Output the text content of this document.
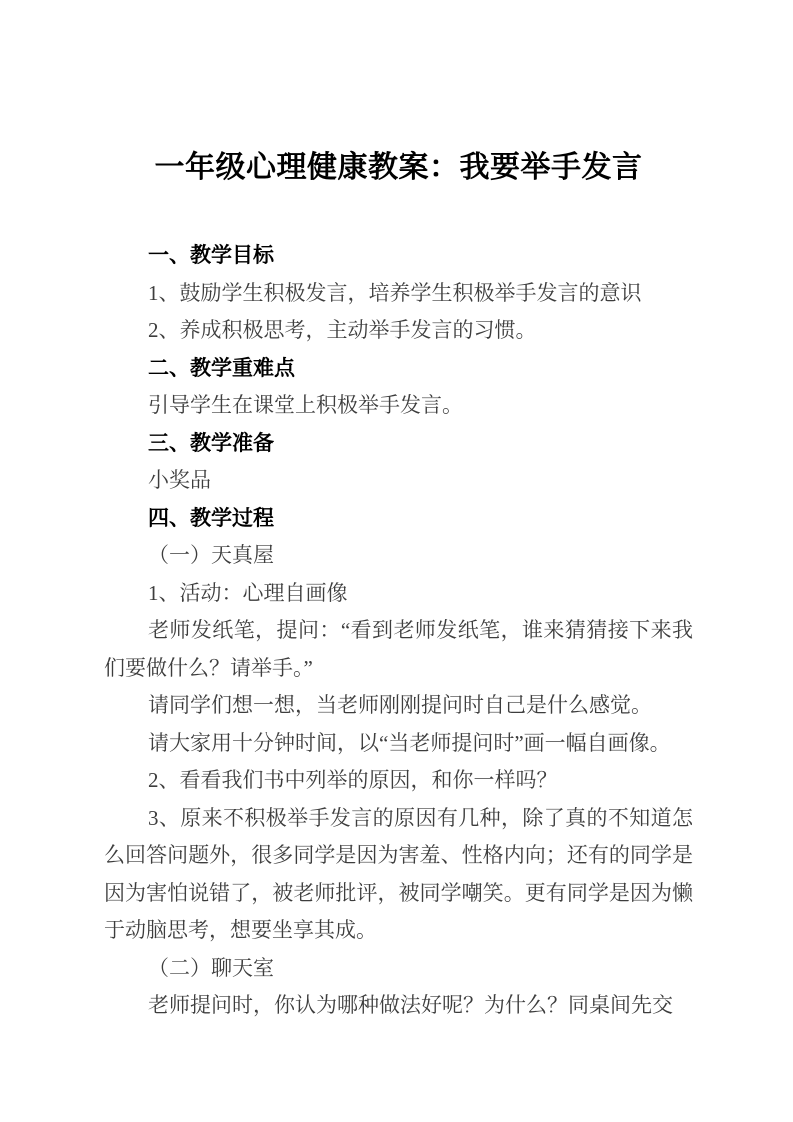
一年级心理健康教案：我要举手发言

一、教学目标

1、鼓励学生积极发言，培养学生积极举手发言的意识

2、养成积极思考，主动举手发言的习惯。

二、教学重难点

引导学生在课堂上积极举手发言。

三、教学准备

小奖品

四、教学过程

（一）天真屋

1、活动：心理自画像

老师发纸笔，提问：“看到老师发纸笔，谁来猜猜接下来我们要做什么？请举手。”

请同学们想一想，当老师刚刚提问时自己是什么感觉。

请大家用十分钟时间，以“当老师提问时”画一幅自画像。

2、看看我们书中列举的原因，和你一样吗？

3、原来不积极举手发言的原因有几种，除了真的不知道怎么回答问题外，很多同学是因为害羞、性格内向；还有的同学是因为害怕说错了，被老师批评，被同学嘲笑。更有同学是因为懒于动脑思考，想要坐享其成。

（二）聊天室

老师提问时，你认为哪种做法好呢？为什么？同桌间先交
